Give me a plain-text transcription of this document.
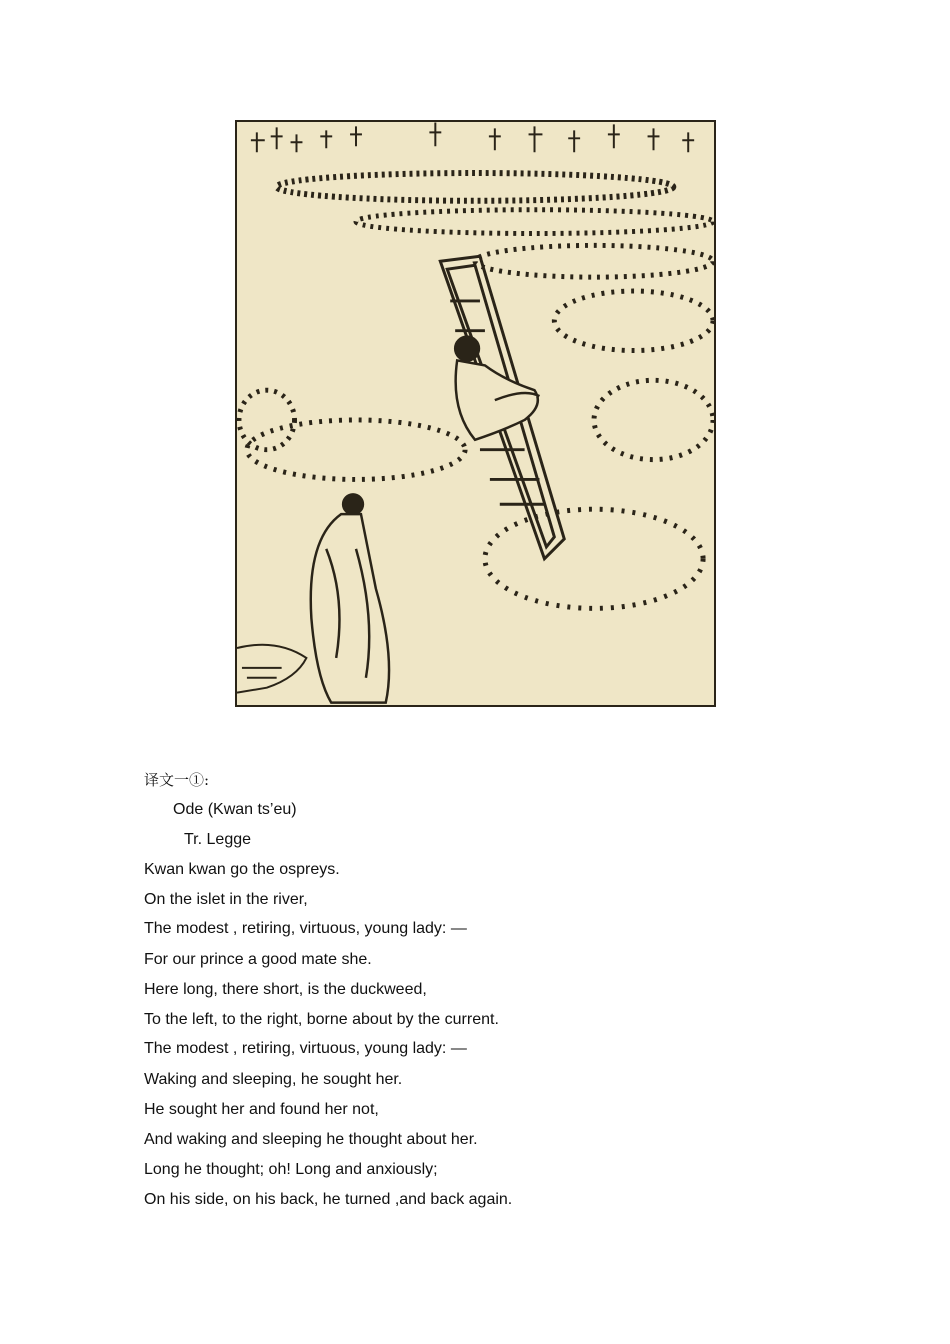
译文一①:
Ode (Kwan ts’eu)
Tr. Legge
Kwan kwan go the ospreys.
On the islet in the river,
The modest , retiring, virtuous, young lady: —
For our prince a good mate she.
Here long, there short, is the duckweed,
To the left, to the right, borne about by the current.
The modest , retiring, virtuous, young lady: —
Waking and sleeping, he sought her.
He sought her and found her not,
And waking and sleeping he thought about her.
Long he thought; oh! Long and anxiously;
On his side, on his back, he turned ,and back again.
